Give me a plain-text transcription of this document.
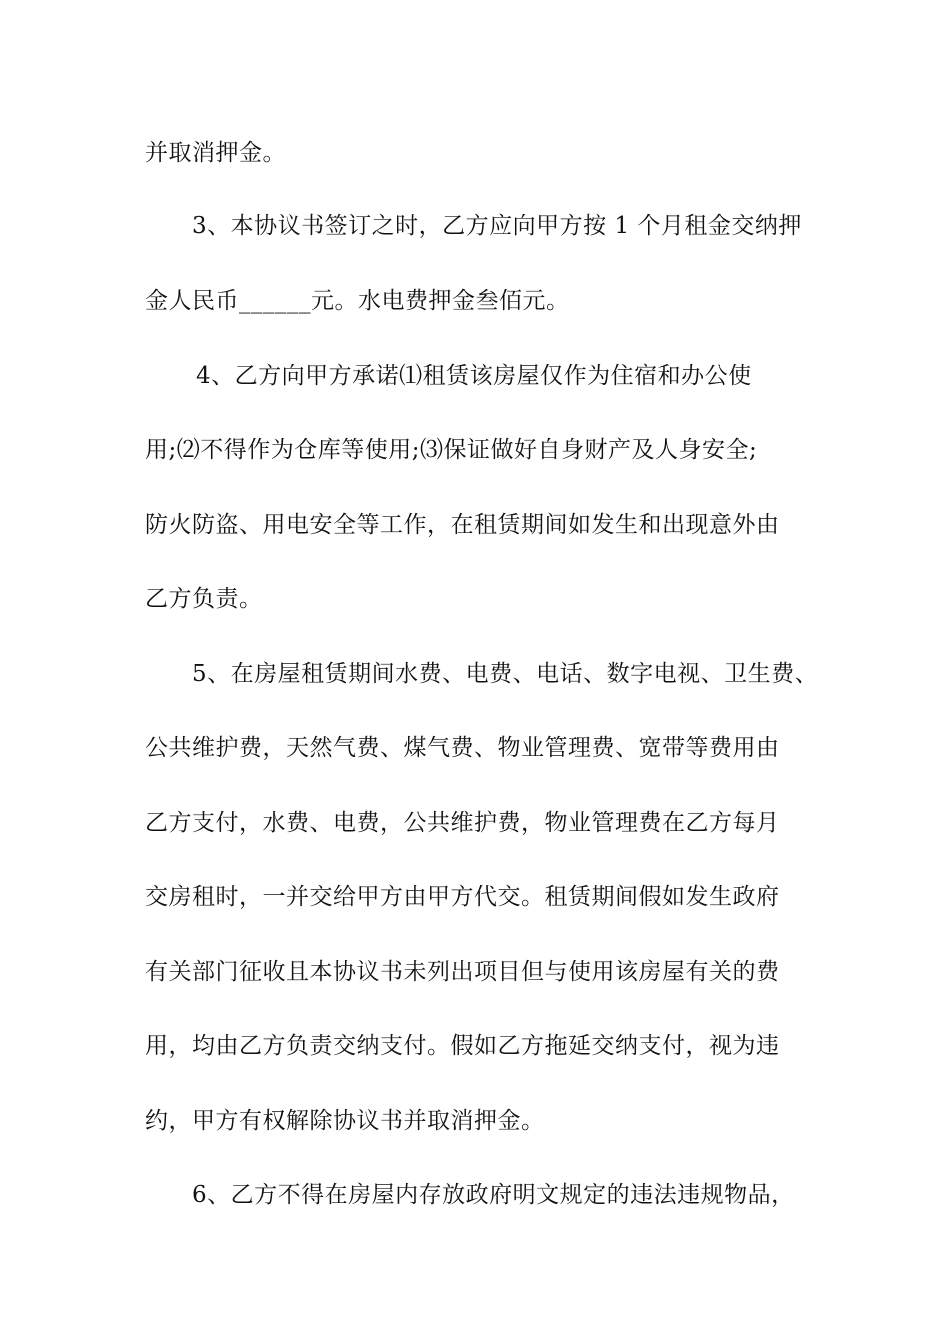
并取消押金。
3、本协议书签订之时，乙方应向甲方按 1 个月租金交纳押
金人民币______元。水电费押金叁佰元。
4、乙方向甲方承诺⑴租赁该房屋仅作为住宿和办公使
用;⑵不得作为仓库等使用;⑶保证做好自身财产及人身安全;
防火防盗、用电安全等工作，在租赁期间如发生和出现意外由
乙方负责。
5、在房屋租赁期间水费、电费、电话、数字电视、卫生费、
公共维护费，天然气费、煤气费、物业管理费、宽带等费用由
乙方支付，水费、电费，公共维护费，物业管理费在乙方每月
交房租时，一并交给甲方由甲方代交。租赁期间假如发生政府
有关部门征收且本协议书未列出项目但与使用该房屋有关的费
用，均由乙方负责交纳支付。假如乙方拖延交纳支付，视为违
约，甲方有权解除协议书并取消押金。
6、乙方不得在房屋内存放政府明文规定的违法违规物品，
